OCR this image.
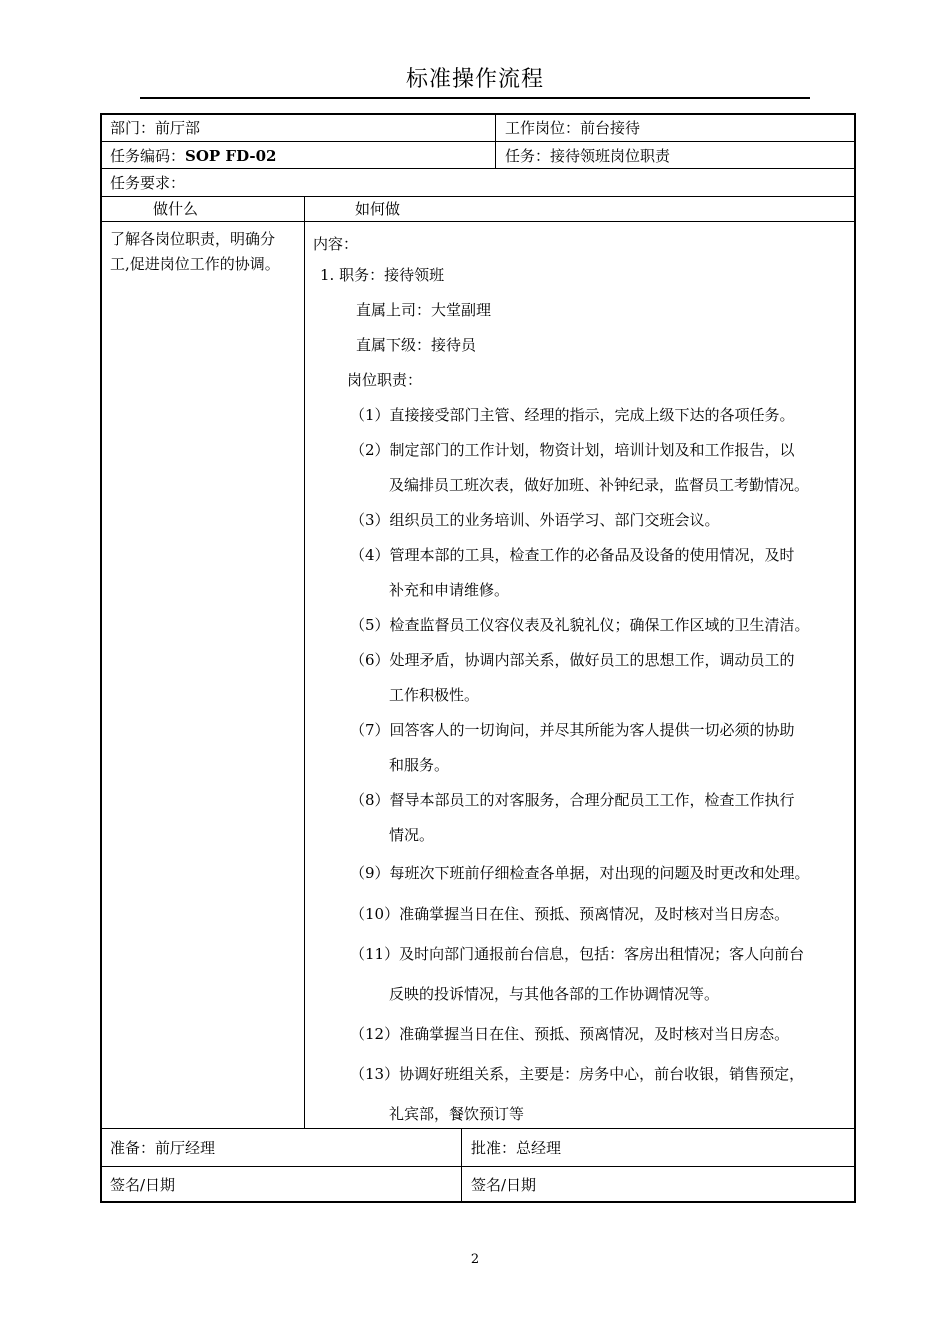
标准操作流程
部门：前厅部	工作岗位：前台接待
任务编码：SOP FD-02	任务：接待领班岗位职责
任务要求：
做什么	如何做
了解各岗位职责，明确分
工,促进岗位工作的协调。
内容：
1. 职务：接待领班
直属上司：大堂副理
直属下级：接待员
岗位职责：
（1）直接接受部门主管、经理的指示，完成上级下达的各项任务。
（2）制定部门的工作计划，物资计划，培训计划及和工作报告，以
及编排员工班次表，做好加班、补钟纪录，监督员工考勤情况。
（3）组织员工的业务培训、外语学习、部门交班会议。
（4）管理本部的工具，检查工作的必备品及设备的使用情况，及时
补充和申请维修。
（5）检查监督员工仪容仪表及礼貌礼仪；确保工作区域的卫生清洁。
（6）处理矛盾，协调内部关系，做好员工的思想工作，调动员工的
工作积极性。
（7）回答客人的一切询问，并尽其所能为客人提供一切必须的协助
和服务。
（8）督导本部员工的对客服务，合理分配员工工作，检查工作执行
情况。
（9）每班次下班前仔细检查各单据，对出现的问题及时更改和处理。
（10）准确掌握当日在住、预抵、预离情况，及时核对当日房态。
（11）及时向部门通报前台信息，包括：客房出租情况；客人向前台
反映的投诉情况，与其他各部的工作协调情况等。
（12）准确掌握当日在住、预抵、预离情况，及时核对当日房态。
（13）协调好班组关系，主要是：房务中心，前台收银，销售预定，
礼宾部，餐饮预订等
准备：前厅经理	批准：总经理
签名/日期	签名/日期
2
